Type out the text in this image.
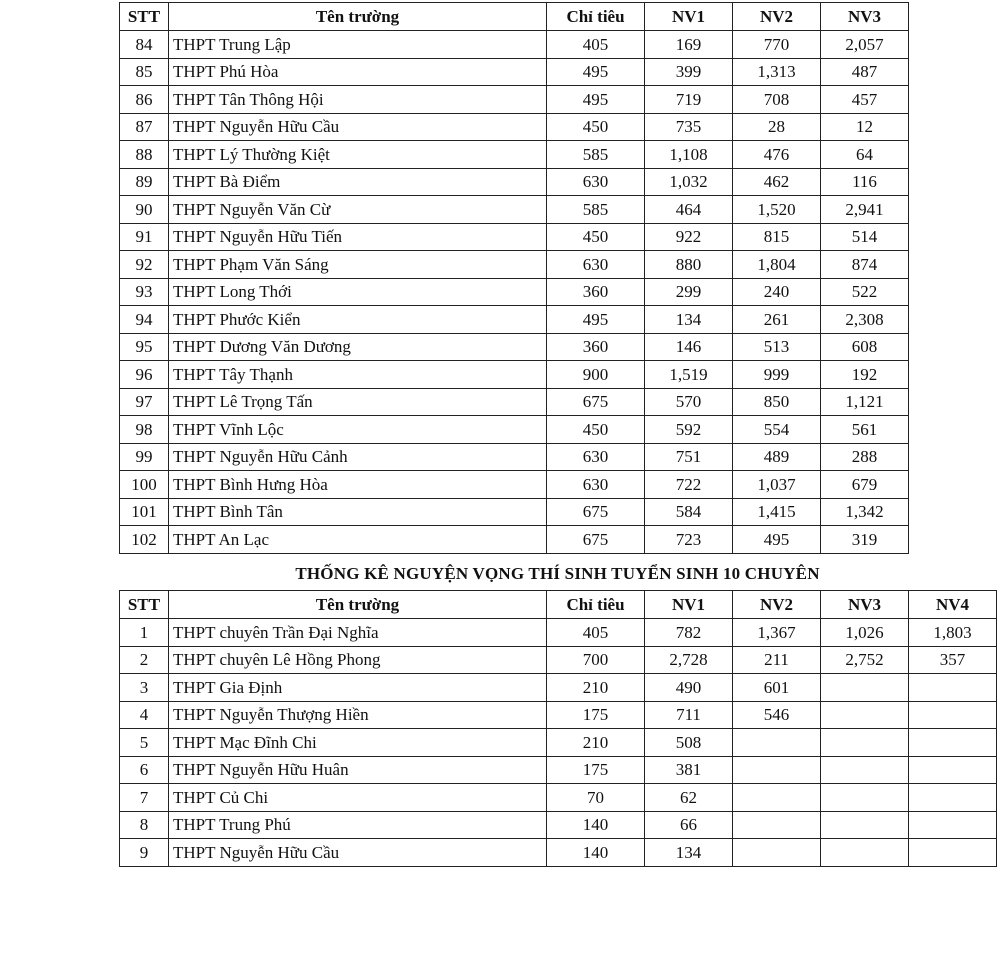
STT	Tên trường	Chỉ tiêu	NV1	NV2	NV3
84	THPT Trung Lập	405	169	770	2,057
85	THPT Phú Hòa	495	399	1,313	487
86	THPT Tân Thông Hội	495	719	708	457
87	THPT Nguyễn Hữu Cầu	450	735	28	12
88	THPT Lý Thường Kiệt	585	1,108	476	64
89	THPT Bà Điểm	630	1,032	462	116
90	THPT Nguyễn Văn Cừ	585	464	1,520	2,941
91	THPT Nguyễn Hữu Tiến	450	922	815	514
92	THPT Phạm Văn Sáng	630	880	1,804	874
93	THPT Long Thới	360	299	240	522
94	THPT Phước Kiển	495	134	261	2,308
95	THPT Dương Văn Dương	360	146	513	608
96	THPT Tây Thạnh	900	1,519	999	192
97	THPT Lê Trọng Tấn	675	570	850	1,121
98	THPT Vĩnh Lộc	450	592	554	561
99	THPT Nguyễn Hữu Cảnh	630	751	489	288
100	THPT Bình Hưng Hòa	630	722	1,037	679
101	THPT Bình Tân	675	584	1,415	1,342
102	THPT An Lạc	675	723	495	319
THỐNG KÊ NGUYỆN VỌNG THÍ SINH TUYỂN SINH 10 CHUYÊN
STT	Tên trường	Chỉ tiêu	NV1	NV2	NV3	NV4
1	THPT chuyên Trần Đại Nghĩa	405	782	1,367	1,026	1,803
2	THPT chuyên Lê Hồng Phong	700	2,728	211	2,752	357
3	THPT Gia Định	210	490	601		
4	THPT Nguyễn Thượng Hiền	175	711	546		
5	THPT Mạc Đĩnh Chi	210	508			
6	THPT Nguyễn Hữu Huân	175	381			
7	THPT Củ Chi	70	62			
8	THPT Trung Phú	140	66			
9	THPT Nguyễn Hữu Cầu	140	134			
